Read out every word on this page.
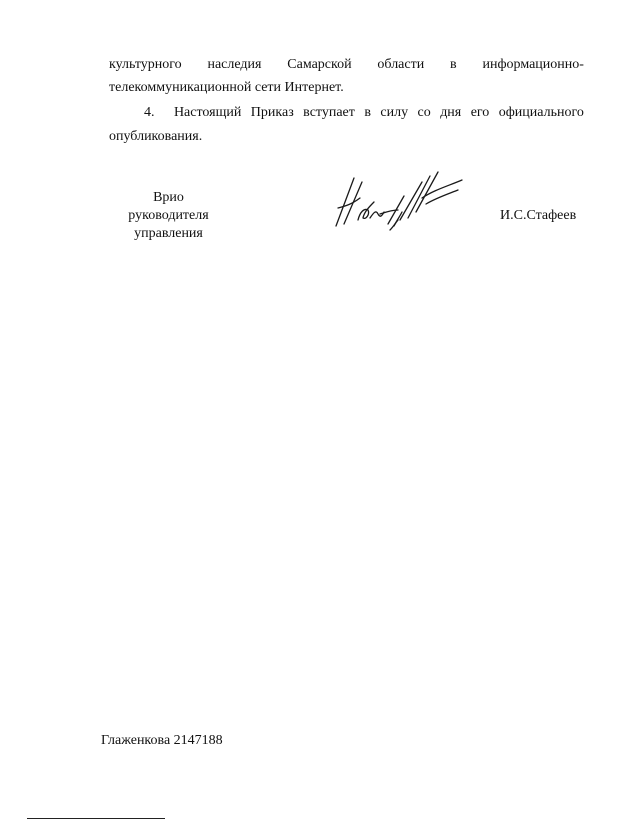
культурного наследия Самарской области в информационно-
телекоммуникационной сети Интернет.
4. Настоящий Приказ вступает в силу со дня его официального
опубликования.
Врио руководителя
управления
И.С.Стафеев
Глаженкова 2147188
